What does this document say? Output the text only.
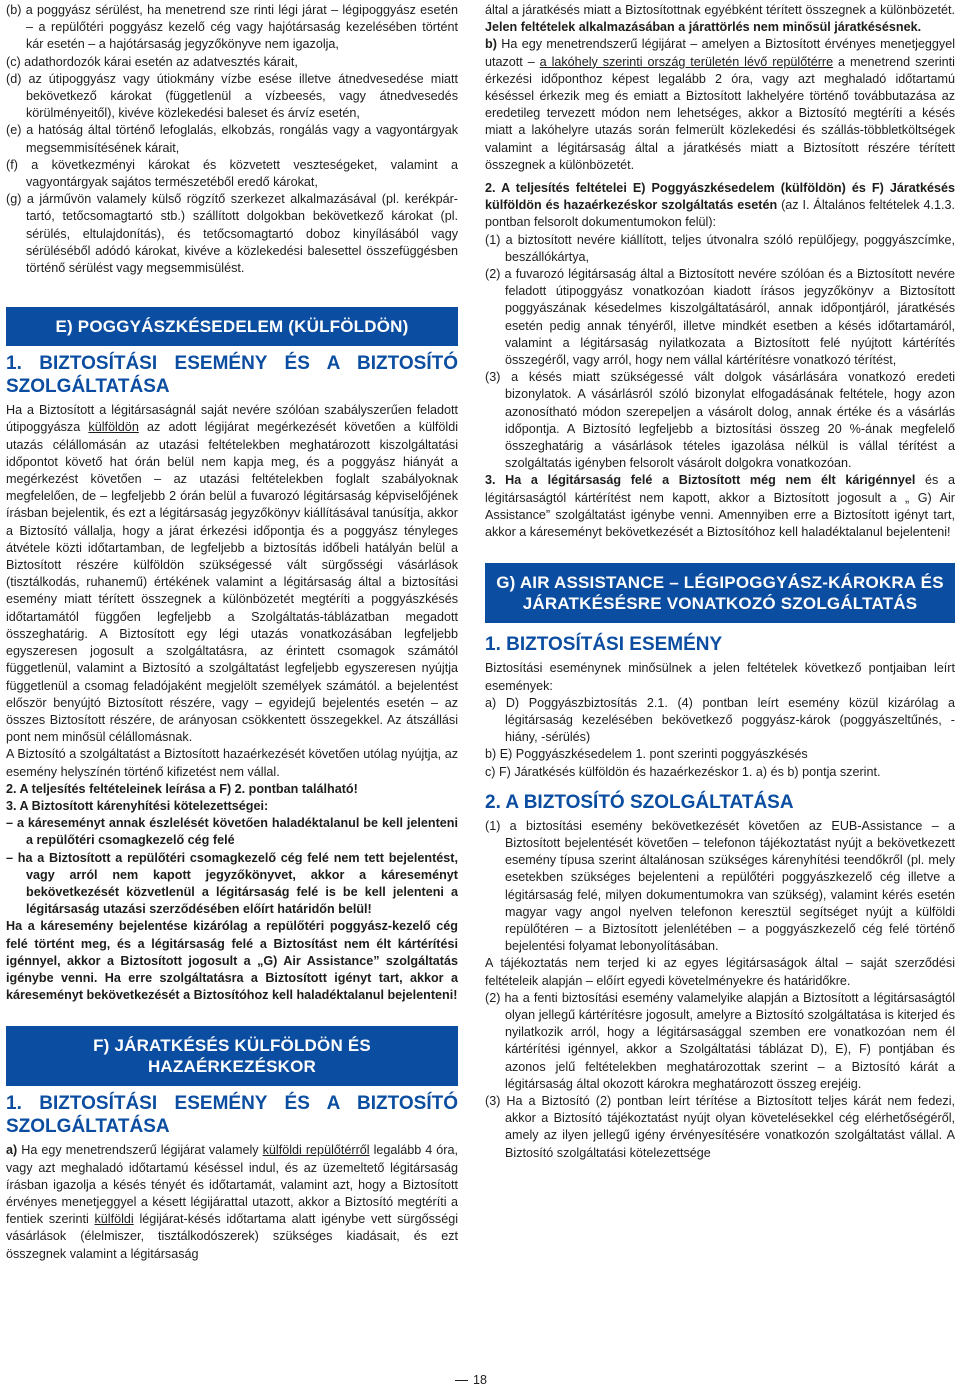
(b) a poggyász sérülést, ha menetrend sze rinti légi járat – légipoggyász esetén – a repülőtéri poggyász kezelő cég vagy hajótársaság kezelésében történt kár esetén – a hajótársaság jegyzőkönyve nem igazolja,

(c) adathordozók kárai esetén az adatvesztés kárait,

(d) az útipoggyász vagy útiokmány vízbe esése illetve átnedvesedése miatt bekövetkező károkat (függetlenül a vízbeesés, vagy átnedvesedés körülményeitől), kivéve közlekedési baleset és árvíz esetén,

(e) a hatóság által történő lefoglalás, elkobzás, rongálás vagy a vagyontárgyak megsemmisítésének kárait,

(f) a következményi károkat és közvetett veszteségeket, valamint a vagyontárgyak sajátos természetéből eredő károkat,

(g) a járművön valamely külső rögzítő szerkezet alkalmazásával (pl. kerékpár-tartó, tetőcsomagtartó stb.) szállított dolgokban bekövetkező károkat (pl. sérülés, eltulajdonítás), és tetőcsomagtartó doboz kinyílásából vagy sérüléséből adódó károkat, kivéve a közlekedési balesettel összefüggésben történő sérülést vagy megsemmisülést.

E) POGGYÁSZKÉSEDELEM (KÜLFÖLDÖN)

1. BIZTOSÍTÁSI ESEMÉNY ÉS A BIZTOSÍTÓ SZOLGÁLTATÁSA

Ha a Biztosított a légitársaságnál saját nevére szólóan szabályszerűen feladott útipoggyásza külföldön az adott légijárat megérkezését követően a külföldi utazás célállomásán az utazási feltételekben meghatározott kiszolgáltatási időpontot követő hat órán belül nem kapja meg, és a poggyász hiányát a megérkezést követően – az utazási feltételekben foglalt szabályoknak megfelelően, de – legfeljebb 2 órán belül a fuvarozó légitársaság képviselőjének írásban bejelentik, és ezt a légitársaság jegyzőkönyv kiállításával tanúsítja, akkor a Biztosító vállalja, hogy a járat érkezési időpontja és a poggyász tényleges átvétele közti időtartamban, de legfeljebb a biztosítás időbeli hatályán belül a Biztosított részére külföldön szükségessé vált sürgősségi vásárlások (tisztálkodás, ruhanemű) értékének valamint a légitársaság által a biztosítási esemény miatt térített összegnek a különbözetét megtéríti a poggyászkésés időtartamától függően legfeljebb a Szolgáltatás-táblázatban megadott összeghatárig. A Biztosított egy légi utazás vonatkozásában legfeljebb egyszeresen jogosult a szolgáltatásra, az érintett csomagok számától függetlenül, valamint a Biztosító a szolgáltatást legfeljebb egyszeresen nyújtja függetlenül a csomag feladójaként megjelölt személyek számától. a bejelentést először benyújtó Biztosított részére, vagy – egyidejű bejelentés esetén – az összes Biztosított részére, de arányosan csökkentett összegekkel. Az átszállási pont nem minősül célállomásnak.

A Biztosító a szolgáltatást a Biztosított hazaérkezését követően utólag nyújtja, az esemény helyszínén történő kifizetést nem vállal.

2. A teljesítés feltételeinek leírása a F) 2. pontban található!

3. A Biztosított kárenyhítési kötelezettségei:

– a káreseményt annak észlelését követően haladéktalanul be kell jelenteni a repülőtéri csomagkezelő cég felé

– ha a Biztosított a repülőtéri csomagkezelő cég felé nem tett bejelentést, vagy arról nem kapott jegyzőkönyvet, akkor a káreseményt bekövetkezését közvetlenül a légitársaság felé is be kell jelenteni a légitársaság utazási szerződésében előírt határidőn belül!

Ha a káresemény bejelentése kizárólag a repülőtéri poggyász-kezelő cég felé történt meg, és a légitársaság felé a Biztosítást nem élt kártérítési igénnyel, akkor a Biztosított jogosult a „G) Air Assistance” szolgáltatás igénybe venni. Ha erre szolgáltatásra a Biztosított igényt tart, akkor a káreseményt bekövetkezését a Biztosítóhoz kell haladéktalanul bejelenteni!

F) JÁRATKÉSÉS KÜLFÖLDÖN ÉS HAZAÉRKEZÉSKOR

1. BIZTOSÍTÁSI ESEMÉNY ÉS A BIZTOSÍTÓ SZOLGÁLTATÁSA

a) Ha egy menetrendszerű légijárat valamely külföldi repülőtérről legalább 4 óra, vagy azt meghaladó időtartamú késéssel indul, és az üzemeltető légitársaság írásban igazolja a késés tényét és időtartamát, valamint azt, hogy a Biztosított érvényes menetjeggyel a késett légijárattal utazott, akkor a Biztosító megtéríti a fentiek szerinti külföldi légijárat-késés időtartama alatt igénybe vett sürgősségi vásárlások (élelmiszer, tisztálkodószerek) szükséges kiadásait, és ezt összegnek valamint a légitársaság

által a járatkésés miatt a Biztosítottnak egyébként térített összegnek a különbözetét. Jelen feltételek alkalmazásában a járattörlés nem minősül járatkésésnek.

b) Ha egy menetrendszerű légijárat – amelyen a Biztosított érvényes menetjeggyel utazott – a lakóhely szerinti ország területén lévő repülőtérre a menetrend szerinti érkezési időponthoz képest legalább 2 óra, vagy azt meghaladó időtartamú késéssel érkezik meg és emiatt a Biztosított lakhelyére történő továbbutazása az eredetileg tervezett módon nem lehetséges, akkor a Biztosító megtéríti a késés miatt a lakóhelyre utazás során felmerült közlekedési és szállás-többletköltségek valamint a légitársaság által a járatkésés miatt a Biztosított részére térített összegnek a különbözetét.

2. A teljesítés feltételei E) Poggyászkésedelem (külföldön) és F) Járatkésés külföldön és hazaérkezéskor szolgáltatás esetén (az I. Általános feltételek 4.1.3. pontban felsorolt dokumentumokon felül):

(1) a biztosított nevére kiállított, teljes útvonalra szóló repülőjegy, poggyászcímke, beszállókártya,

(2) a fuvarozó légitársaság által a Biztosított nevére szólóan és a Biztosított nevére feladott útipoggyász vonatkozóan kiadott írásos jegyzőkönyv a Biztosított poggyászának késedelmes kiszolgáltatásáról, annak időpontjáról, járatkésés esetén pedig annak tényéről, illetve mindkét esetben a késés időtartamáról, valamint a légitársaság nyilatkozata a Biztosított felé nyújtott kártérítés összegéről, vagy arról, hogy nem vállal kártérítésre vonatkozó térítést,

(3) a késés miatt szükségessé vált dolgok vásárlására vonatkozó eredeti bizonylatok. A vásárlásról szóló bizonylat elfogadásának feltétele, hogy azon azonosítható módon szerepeljen a vásárolt dolog, annak értéke és a vásárlás időpontja. A Biztosító legfeljebb a biztosítási összeg 20 %-ának megfelelő összeghatárig a vásárlások tételes igazolása nélkül is vállal térítést a szolgáltatás igényben felsorolt vásárolt dolgokra vonatkozóan.

3. Ha a légitársaság felé a Biztosított még nem élt kárigénnyel és a légitársaságtól kártérítést nem kapott, akkor a Biztosított jogosult a „ G) Air Assistance” szolgáltatást igénybe venni. Amennyiben erre a Biztosított igényt tart, akkor a káreseményt bekövetkezését a Biztosítóhoz kell haladéktalanul bejelenteni!

G) AIR ASSISTANCE – LÉGIPOGGYÁSZ-KÁROKRA ÉS JÁRATKÉSÉSRE VONATKOZÓ SZOLGÁLTATÁS

1. BIZTOSÍTÁSI ESEMÉNY

Biztosítási eseménynek minősülnek a jelen feltételek következő pontjaiban leírt események:

a) D) Poggyászbiztosítás 2.1. (4) pontban leírt esemény közül kizárólag a légitársaság kezelésében bekövetkező poggyász-károk (poggyászeltűnés, -hiány, -sérülés)

b) E) Poggyászkésedelem 1. pont szerinti poggyászkésés

c) F) Járatkésés külföldön és hazaérkezéskor 1. a) és b) pontja szerint.

2. A BIZTOSÍTÓ SZOLGÁLTATÁSA

(1) a biztosítási esemény bekövetkezését követően az EUB-Assistance – a Biztosított bejelentését követően – telefonon tájékoztatást nyújt a bekövetkezett esemény típusa szerint általánosan szükséges kárenyhítési teendőkről (pl. mely esetekben szükséges bejelenteni a repülőtéri poggyászkezelő cég illetve a légitársaság felé, milyen dokumentumokra van szükség), valamint kérés esetén magyar vagy angol nyelven telefonon keresztül segítséget nyújt a külföldi repülőtéren – a Biztosított jelenlétében – a poggyászkezelő cég felé történő bejelentési folyamat lebonyolításában.

A tájékoztatás nem terjed ki az egyes légitársaságok által – saját szerződési feltételeik alapján – előírt egyedi követelményekre és határidőkre.

(2) ha a fenti biztosítási esemény valamelyike alapján a Biztosított a légitársaságtól olyan jellegű kártérítésre jogosult, amelyre a Biztosító szolgáltatása is kiterjed és nyilatkozik arról, hogy a légitársasággal szemben ere vonatkozóan nem él kártérítési igénnyel, akkor a Szolgáltatási táblázat D), E), F) pontjában és azonos jelű feltételekben meghatározottak szerint – a Biztosító kárát a légitársaság által okozott károkra meghatározott összeg erejéig.

(3) Ha a Biztosító (2) pontban leírt térítése a Biztosított teljes kárát nem fedezi, akkor a Biztosító tájékoztatást nyújt olyan követelésekkel cég elérhetőségéről, amely az ilyen jellegű igény érvényesítésére vonatkozón szolgáltatást vállal. A Biztosító szolgáltatási kötelezettsége

18
